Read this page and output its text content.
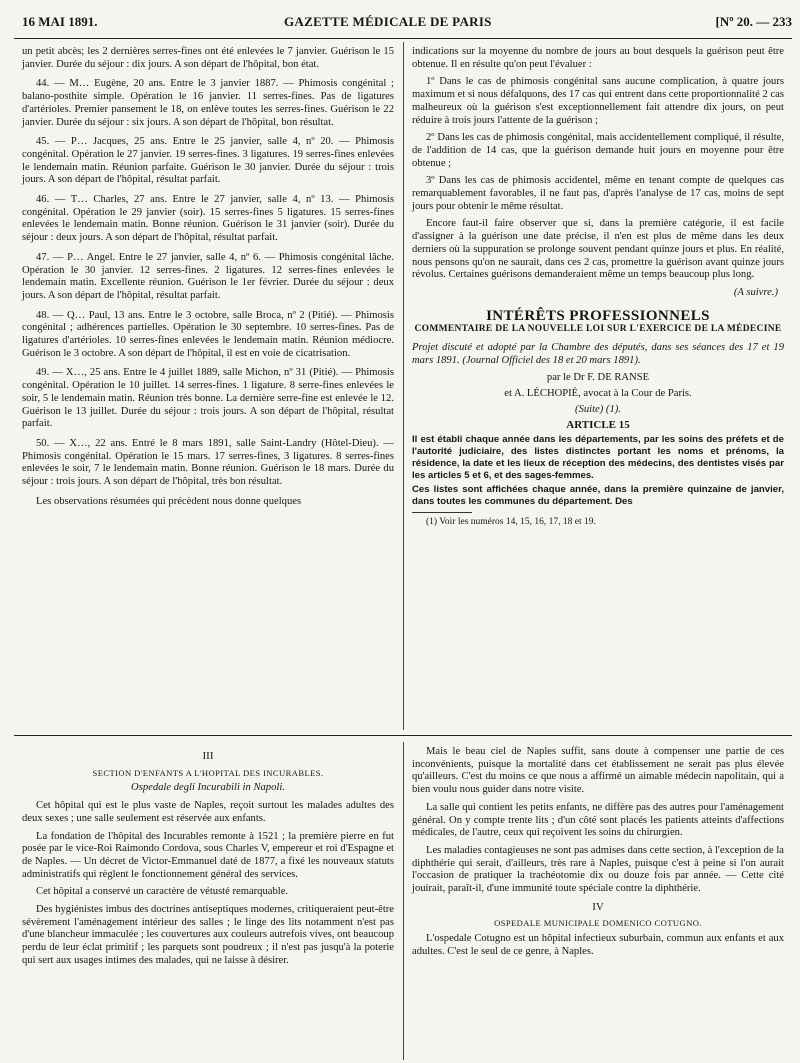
16 MAI 1891.	GAZETTE MÉDICALE DE PARIS	[Nº 20. — 233

un petit abcès; les 2 dernières serres-fines ont été enlevées le 7 janvier. Guérison le 15 janvier. Durée du séjour : dix jours. A son départ de l'hôpital, bon état.

44. — M… Eugène, 20 ans. Entre le 3 janvier 1887. — Phimosis congénital ; balano-posthite simple. Opération le 16 janvier. 11 serres-fines. Pas de ligatures d'artérioles. Premier pansement le 18, on enlève toutes les serres-fines. Guérison le 22 janvier. Durée du séjour : six jours. A son départ de l'hôpital, bon résultat.

45. — P… Jacques, 25 ans. Entre le 25 janvier, salle 4, nº 20. — Phimosis congénital. Opération le 27 janvier. 19 serres-fines. 3 ligatures. 19 serres-fines enlevées le lendemain matin. Réunion parfaite. Guérison le 30 janvier. Durée du séjour : trois jours. A son départ de l'hôpital, résultat parfait.

46. — T… Charles, 27 ans. Entre le 27 janvier, salle 4, nº 13. — Phimosis congénital. Opération le 29 janvier (soir). 15 serres-fines 5 ligatures. 15 serres-fines enlevées le lendemain matin. Bonne réunion. Guérison le 31 janvier (soir). Durée du séjour : deux jours. A son départ de l'hôpital, résultat parfait.

47. — P… Angel. Entre le 27 janvier, salle 4, nº 6. — Phimosis congénital lâche. Opération le 30 janvier. 12 serres-fines. 2 ligatures. 12 serres-fines enlevées le lendemain matin. Excellente réunion. Guérison le 1er février. Durée du séjour : deux jours. A son départ de l'hôpital, résultat parfait.

48. — Q… Paul, 13 ans. Entre le 3 octobre, salle Broca, nº 2 (Pitié). — Phimosis congénital ; adhérences partielles. Opération le 30 septembre. 10 serres-fines. Pas de ligatures d'artérioles. 10 serres-fines enlevées le lendemain matin. Réunion médiocre. Guérison le 3 octobre. A son départ de l'hôpital, il est en voie de cicatrisation.

49. — X…, 25 ans. Entre le 4 juillet 1889, salle Michon, nº 31 (Pitié). — Phimosis congénital. Opération le 10 juillet. 14 serres-fines. 1 ligature. 8 serre-fines enlevées le soir, 5 le lendemain matin. Réunion très bonne. La dernière serre-fine est enlevée le 12. Guérison le 13 juillet. Durée du séjour : trois jours. A son départ de l'hôpital, résultat parfait.

50. — X…, 22 ans. Entré le 8 mars 1891, salle Saint-Landry (Hôtel-Dieu). — Phimosis congénital. Opération le 15 mars. 17 serres-fines, 3 ligatures. 8 serres-fines enlevées le soir, 7 le lendemain matin. Bonne réunion. Guérison le 18 mars. Durée du séjour : trois jours. A son départ de l'hôpital, très bon résultat.

Les observations résumées qui précèdent nous donne quelques

indications sur la moyenne du nombre de jours au bout desquels la guérison peut être obtenue. Il en résulte qu'on peut l'évaluer :

1º Dans le cas de phimosis congénital sans aucune complication, à quatre jours maximum et si nous défalquons, des 17 cas qui entrent dans cette proportionnalité 2 cas malheureux où la guérison s'est exceptionnellement fait attendre dix jours, on peut réduire à trois jours l'attente de la guérison ;

2º Dans les cas de phimosis congénital, mais accidentellement compliqué, il résulte, de l'addition de 14 cas, que la guérison demande huit jours en moyenne pour être obtenue ;

3º Dans les cas de phimosis accidentel, même en tenant compte de quelques cas remarquablement favorables, il ne faut pas, d'après l'analyse de 17 cas, moins de sept jours pour obtenir le même résultat.

Encore faut-il faire observer que si, dans la première catégorie, il est facile d'assigner à la guérison une date précise, il n'en est plus de même dans les deux derniers où la suppuration se prolonge souvent pendant quinze jours et plus. En réalité, nous pensons qu'on ne saurait, dans ces 2 cas, promettre la guérison avant quinze jours révolus. Certaines guérisons demanderaient même un temps beaucoup plus long.

(A suivre.)
INTÉRÊTS PROFESSIONNELS
COMMENTAIRE DE LA NOUVELLE LOI SUR L'EXERCICE DE LA MÉDECINE

Projet discuté et adopté par la Chambre des députés, dans ses séances des 17 et 19 mars 1891. (Journal Officiel des 18 et 20 mars 1891).

par le Dr F. DE RANSE
et A. LÉCHOPIÉ, avocat à la Cour de Paris.
(Suite) (1).
ARTICLE 15

Il est établi chaque année dans les départements, par les soins des préfets et de l'autorité judiciaire, des listes distinctes portant les noms et prénoms, la résidence, la date et les lieux de réception des médecins, des dentistes visés par les articles 5 et 6, et des sages-femmes.

Ces listes sont affichées chaque année, dans la première quinzaine de janvier, dans toutes les communes du département. Des

(1) Voir les numéros 14, 15, 16, 17, 18 et 19.

III
SECTION D'ENFANTS A L'HOPITAL DES INCURABLES.
Ospedale degli Incurabili in Napoli.

Cet hôpital qui est le plus vaste de Naples, reçoit surtout les malades adultes des deux sexes ; une salle seulement est réservée aux enfants.

La fondation de l'hôpital des Incurables remonte à 1521 ; la première pierre en fut posée par le vice-Roi Raimondo Cordova, sous Charles V, empereur et roi d'Espagne et de Naples. — Un décret de Victor-Emmanuel daté de 1877, a fixé les nouveaux statuts administratifs qui règlent le fonctionnement général des services.

Cet hôpital a conservé un caractère de vétusté remarquable.

Des hygiénistes imbus des doctrines antiseptiques modernes, critiqueraient peut-être sévèrement l'aménagement intérieur des salles ; le linge des lits notamment n'est pas d'une blancheur immaculée ; les couvertures aux couleurs autrefois vives, ont beaucoup perdu de leur éclat primitif ; les parquets sont poudreux ; il n'est pas jusqu'à la poterie qui sert aux usages intimes des malades, qui ne laisse à désirer.

Mais le beau ciel de Naples suffit, sans doute à compenser une partie de ces inconvénients, puisque la mortalité dans cet établissement ne serait pas plus élevée qu'ailleurs. C'est du moins ce que nous a affirmé un aimable médecin napolitain, qui a bien voulu nous guider dans notre visite.

La salle qui contient les petits enfants, ne diffère pas des autres pour l'aménagement général. On y compte trente lits ; d'un côté sont placés les patients atteints d'affections médicales, de l'autre, ceux qui reçoivent les soins du chirurgien.

Les maladies contagieuses ne sont pas admises dans cette section, à l'exception de la diphthérie qui serait, d'ailleurs, très rare à Naples, puisque c'est à peine si l'on aurait l'occasion de pratiquer la trachéotomie dix ou douze fois par année. — Cette cité jouirait, paraît-il, d'une immunité toute spéciale contre la diphthérie.

IV
OSPEDALE MUNICIPALE DOMENICO COTUGNO.

L'ospedale Cotugno est un hôpital infectieux suburbain, commun aux enfants et aux adultes. C'est le seul de ce genre, à Naples.
